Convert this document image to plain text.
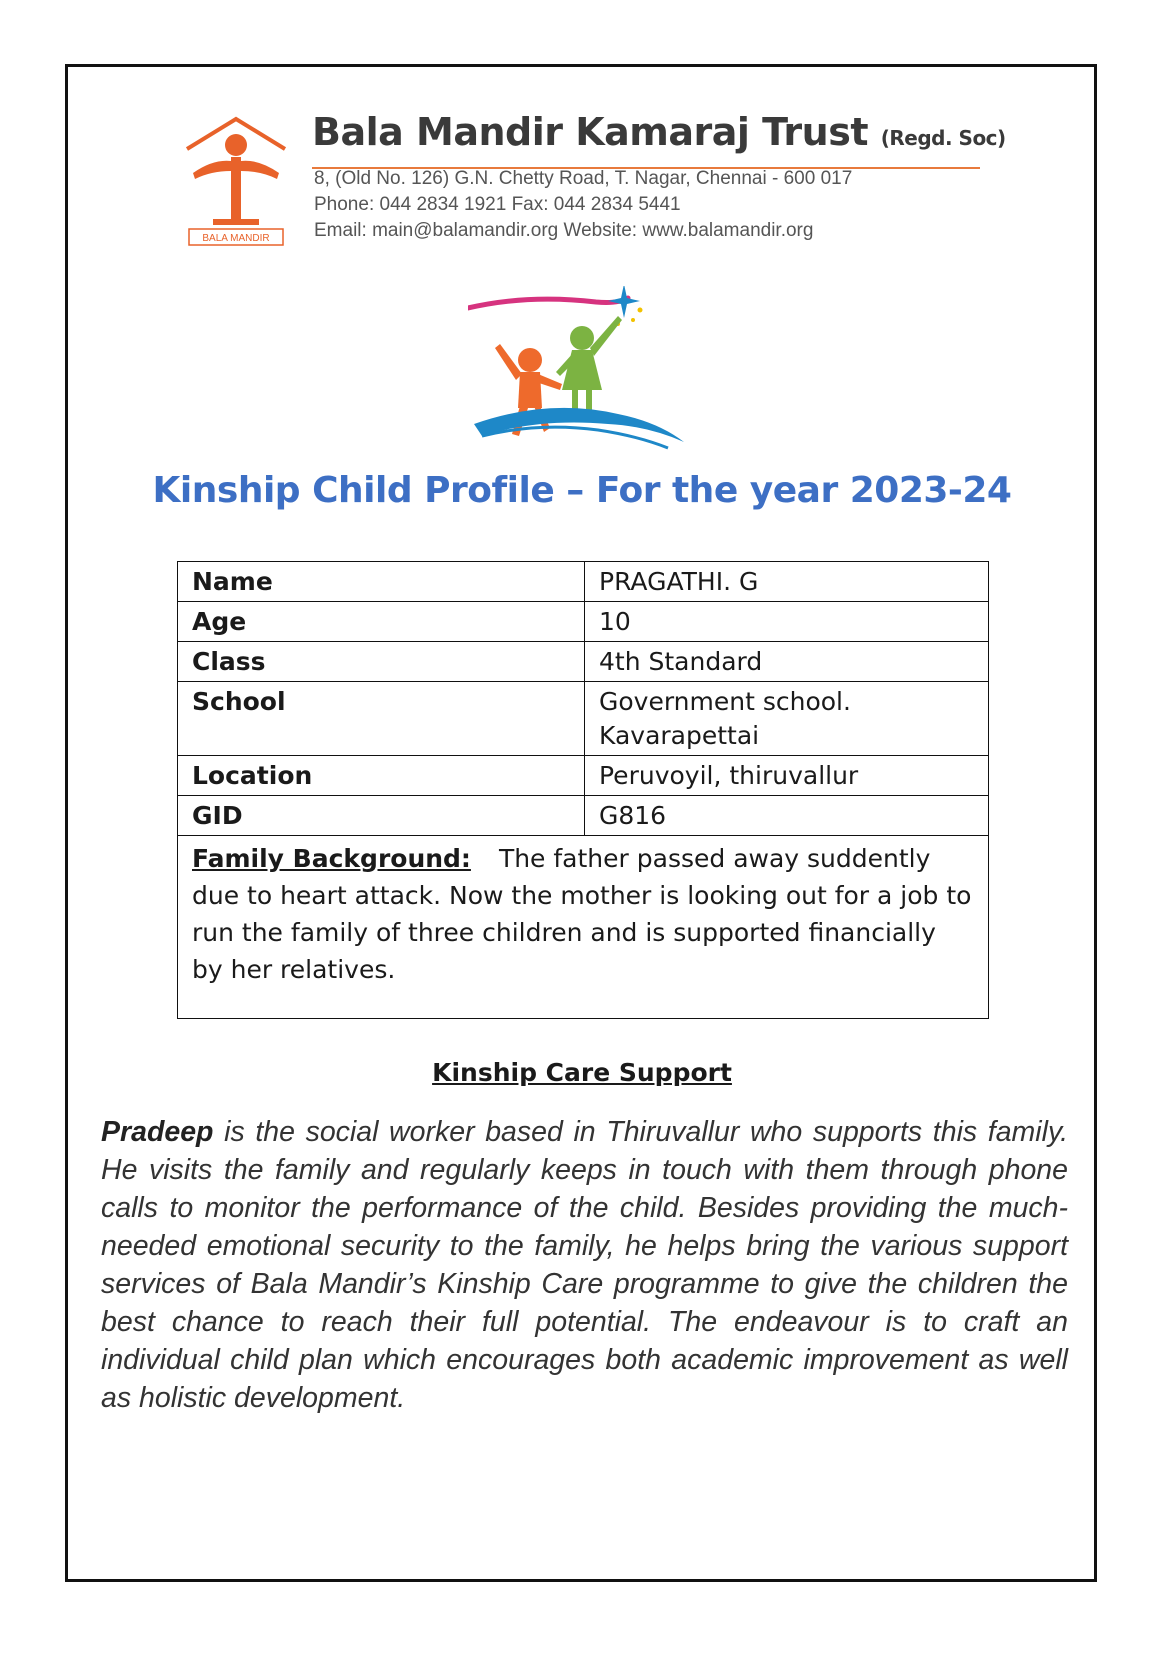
BALA MANDIR
Bala Mandir Kamaraj Trust (Regd. Soc)
8, (Old No. 126) G.N. Chetty Road, T. Nagar, Chennai - 600 017
Phone: 044 2834 1921 Fax: 044 2834 5441
Email: main@balamandir.org Website: www.balamandir.org
Kinship Child Profile – For the year 2023-24
Name	PRAGATHI. G
Age	10
Class	4th Standard
School	Government school.
Kavarapettai

Location	Peruvoyil, thiruvallur
GID	G816
Family Background: The father passed away suddently due to heart attack. Now the mother is looking out for a job to run the family of three children and is supported financially by her relatives.	
Kinship Care Support
Pradeep is the social worker based in Thiruvallur who supports this family. He visits the family and regularly keeps in touch with them through phone calls to monitor the performance of the child. Besides providing the much-needed emotional security to the family, he helps bring the various support services of Bala Mandir’s Kinship Care programme to give the children the best chance to reach their full potential. The endeavour is to craft an individual child plan which encourages both academic improvement as well as holistic development.
